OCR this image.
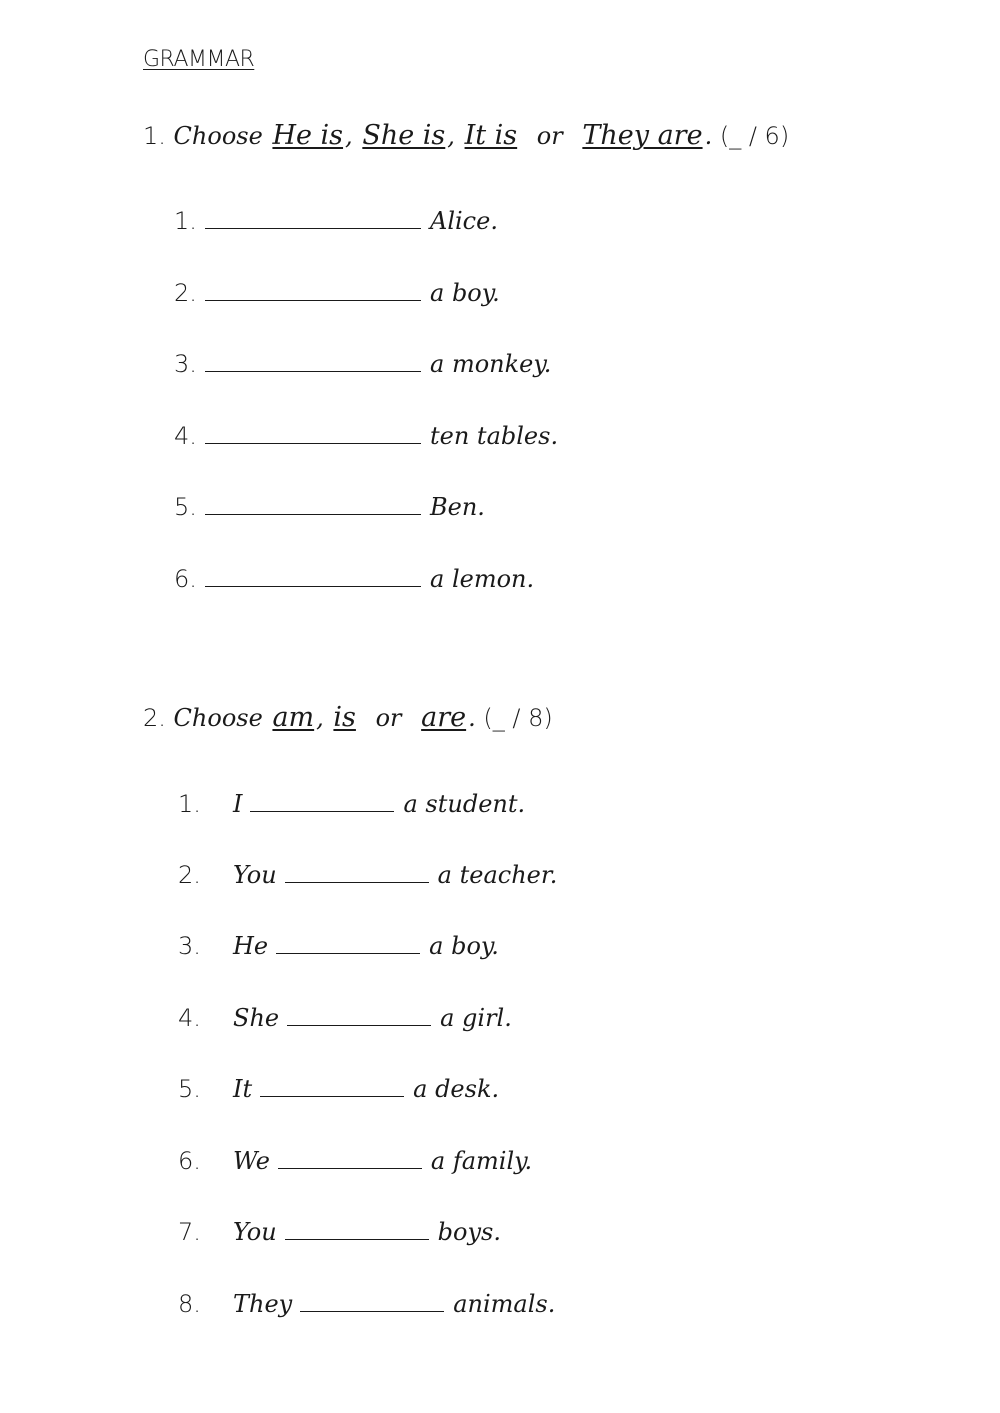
GRAMMAR
1. Choose He is, She is, It is or They are. (_ / 6)
1.	Alice.
2.	a boy.
3.	a monkey.
4.	ten tables.
5.	Ben.
6.	a lemon.
2. Choose am, is or are. (_ / 8)
1.	I	a student.
2.	You	a teacher.
3.	He	a boy.
4.	She	a girl.
5.	It	a desk.
6.	We	a family.
7.	You	boys.
8.	They	animals.
